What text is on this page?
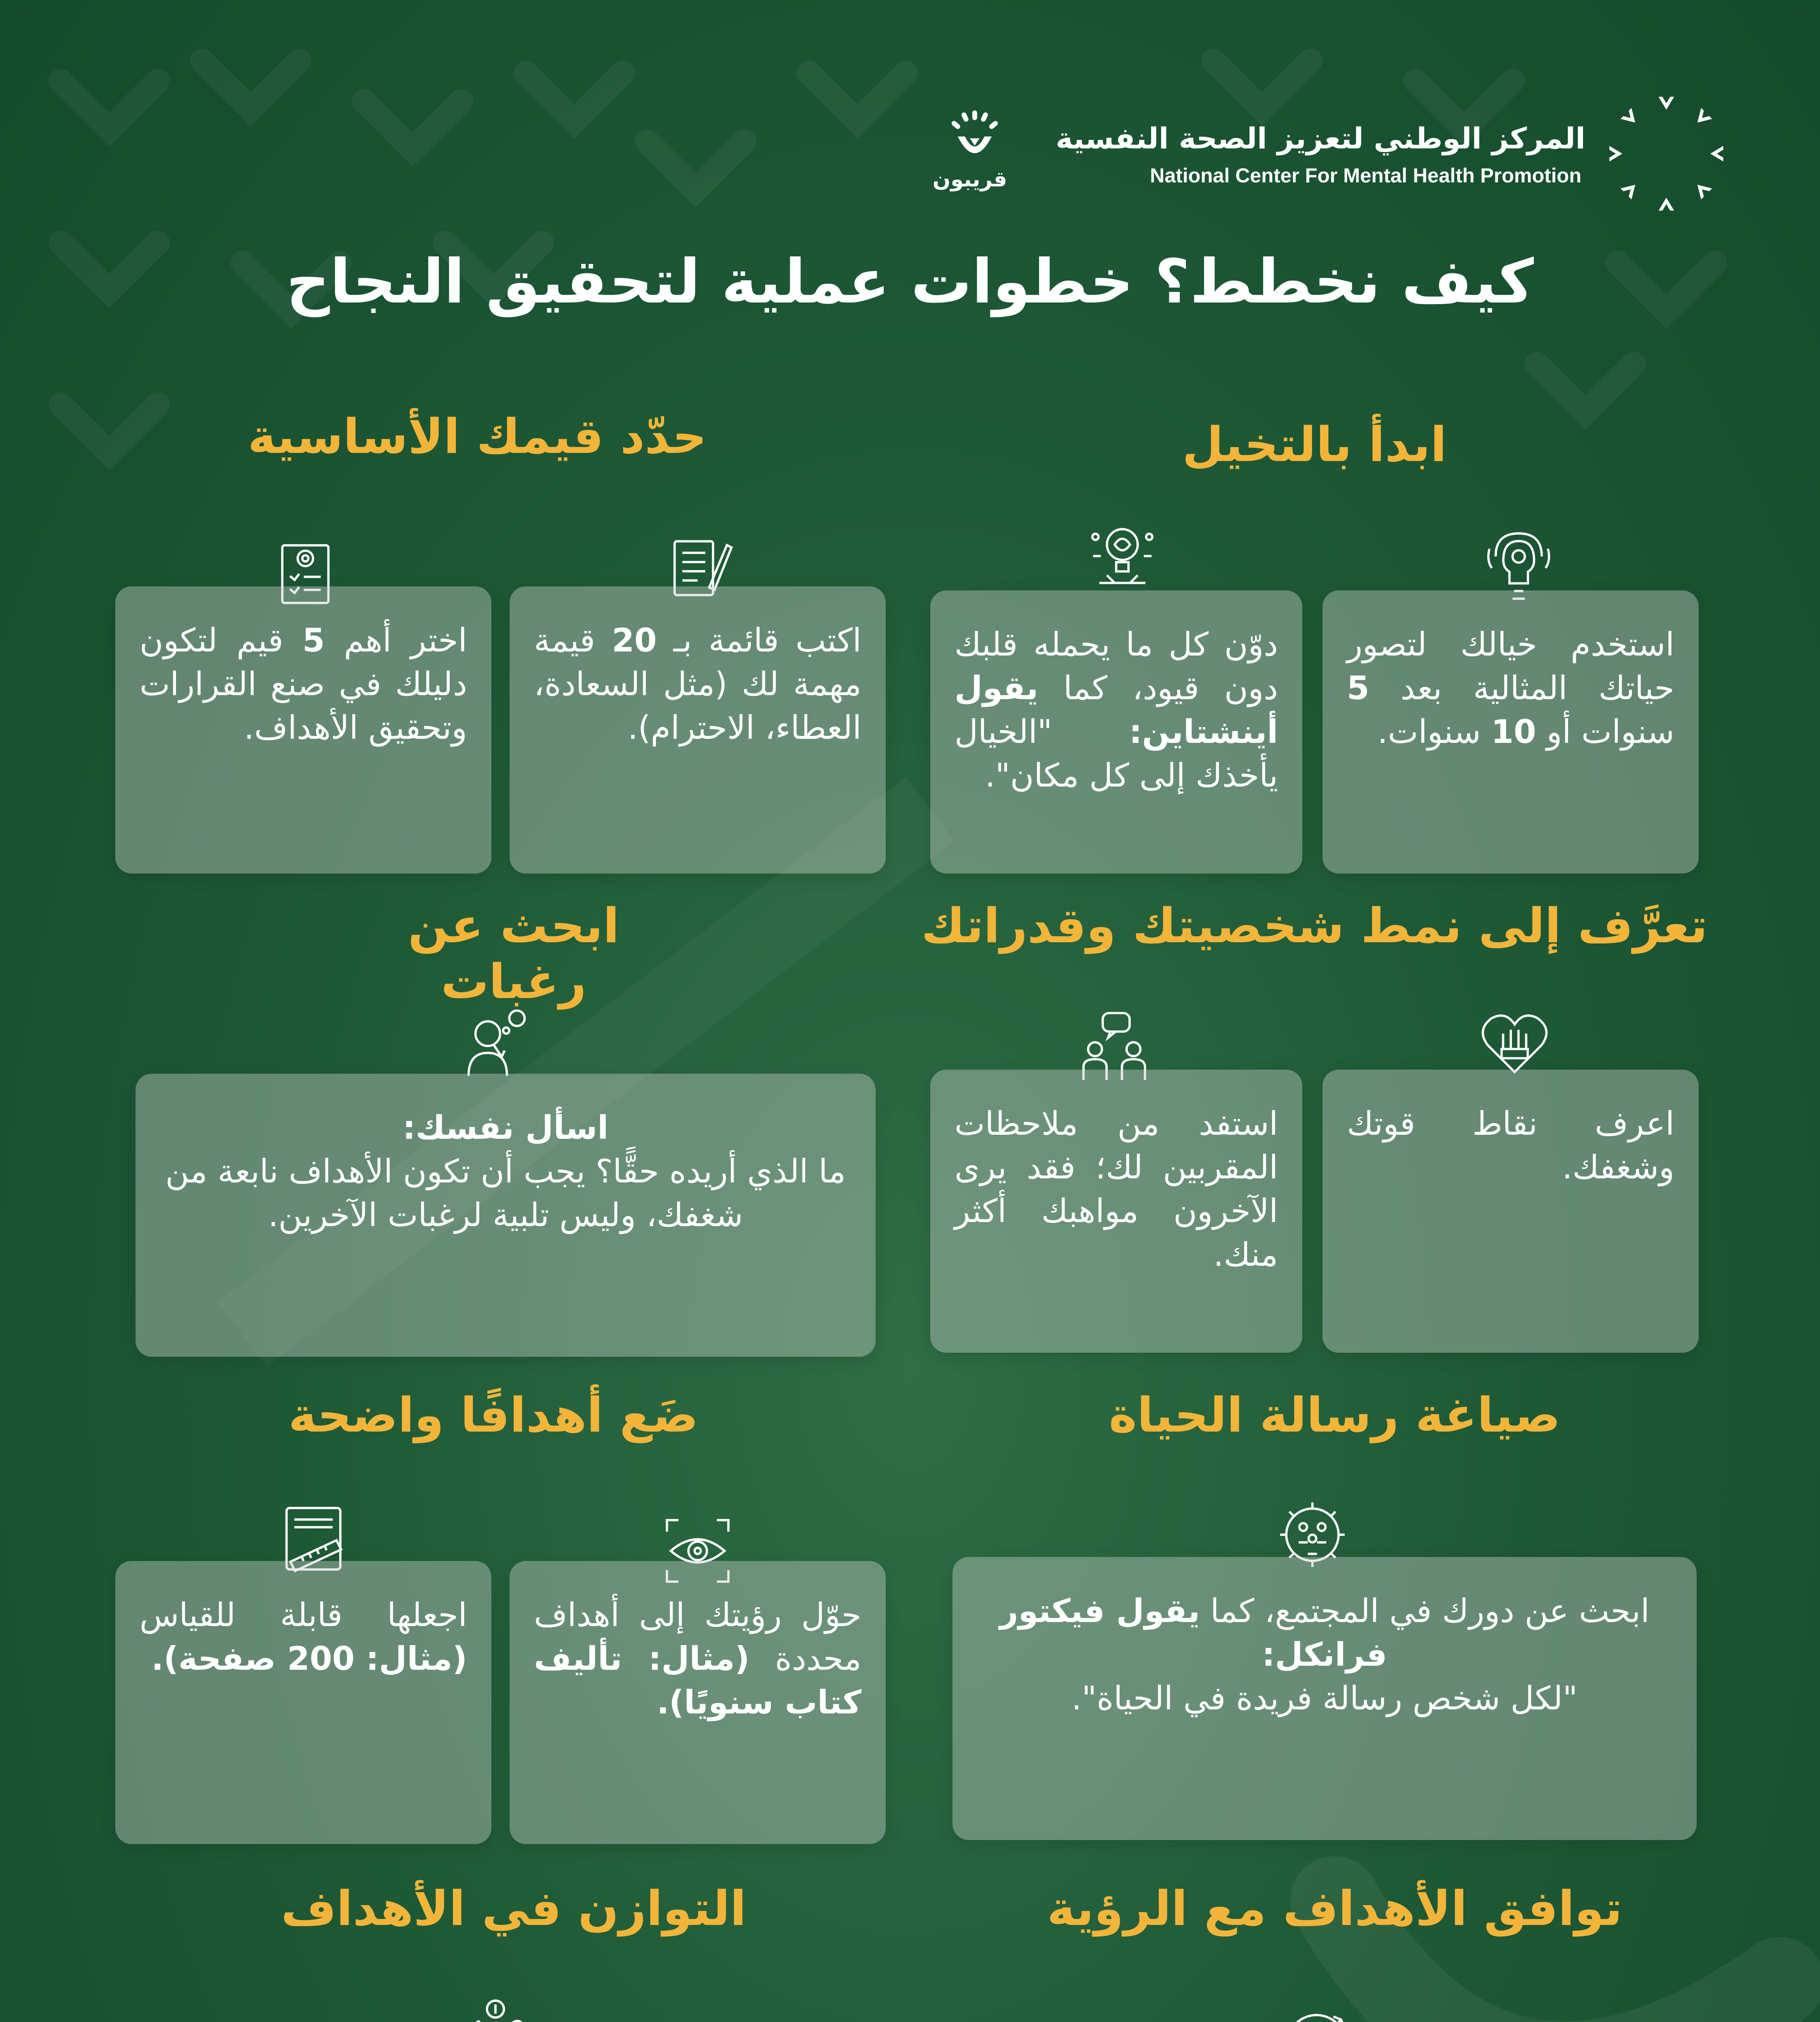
المركز الوطني لتعزيز الصحة النفسية
National Center For Mental Health Promotion
قريبون
كيف نخطط؟ خطوات عملية لتحقيق النجاح
ابدأ بالتخيل
استخدم خيالك لتصور حياتك المثالية بعد 5 سنوات أو 10 سنوات.
دوّن كل ما يحمله قلبك دون قيود، كما يقول أينشتاين: "الخيال يأخذك إلى كل مكان".
حدّد قيمك الأساسية
اكتب قائمة بـ 20 قيمة مهمة لك (مثل السعادة، العطاء، الاحترام).
اختر أهم 5 قيم لتكون دليلك في صنع القرارات وتحقيق الأهداف.
تعرَّف إلى نمط شخصيتك وقدراتك
اعرف نقاط قوتك وشغفك.
استفد من ملاحظات المقربين لك؛ فقد يرى الآخرون مواهبك أكثر منك.
ابحث عن رغبات
اسأل نفسك:
ما الذي أريده حقًّا؟ يجب أن تكون الأهداف نابعة من شغفك، وليس تلبية لرغبات الآخرين.
صياغة رسالة الحياة
ابحث عن دورك في المجتمع، كما يقول فيكتور فرانكل:
"لكل شخص رسالة فريدة في الحياة".
ضَع أهدافًا واضحة
حوّل رؤيتك إلى أهداف محددة (مثال: تأليف كتاب سنويًا).
اجعلها قابلة للقياس (مثال: 200 صفحة).
توافق الأهداف مع الرؤية
التوازن في الأهداف
